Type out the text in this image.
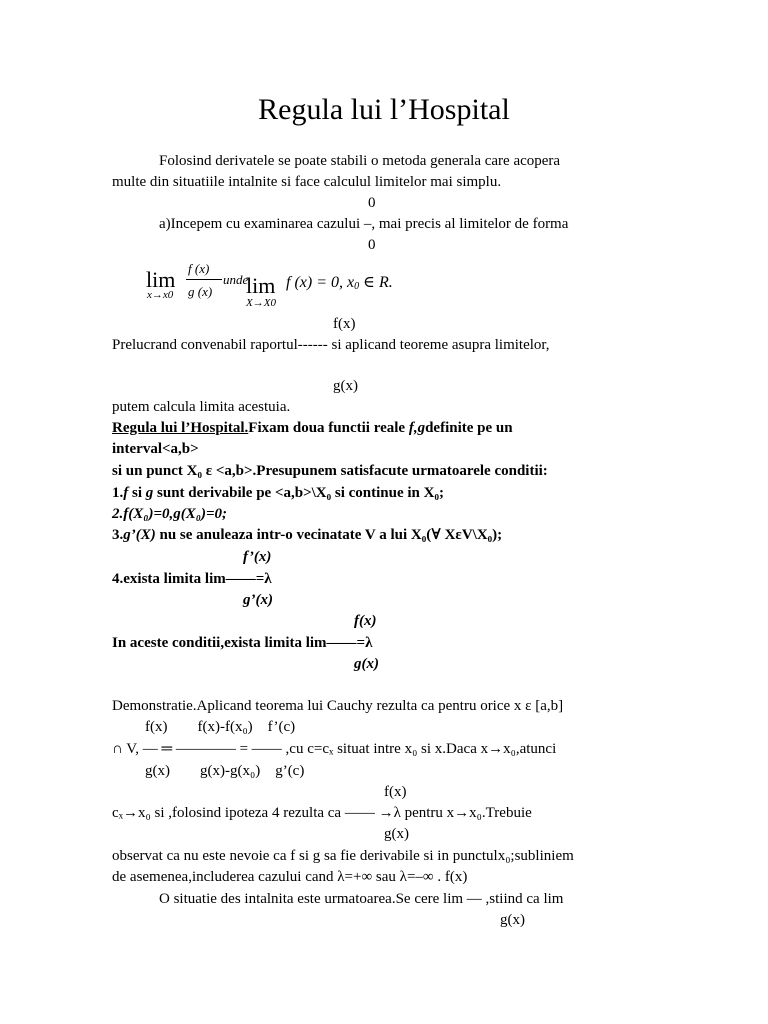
Regula lui l’Hospital
Folosind derivatele se poate stabili o metoda generala care acopera
multe din situatiile intalnite si face calculul limitelor mai simplu.
0
a)Incepem cu examinarea cazului –, mai precis al limitelor de forma
0
lim
x→x0
f (x)
g (x)
unde
lim
X→X0
f (x) = 0, $x_0$ ∈ R.
f(x)
Prelucrand convenabil raportul------ si aplicand teoreme asupra limitelor,
g(x)
putem calcula limita acestuia.
Regula lui l’Hospital.Fixam doua functii reale f,gdefinite pe un
interval<a,b>
si un punct X₀ ε <a,b>.Presupunem satisfacute urmatoarele conditii:
1.f si g sunt derivabile pe <a,b>\X₀ si continue in X₀;
2.f(X₀)=0,g(X₀)=0;
3.g’(X) nu se anuleaza intr-o vecinatate V a lui X₀(∀ XεV\X₀);
f’(x)
4.exista limita lim——=λ
g’(x)
f(x)
In aceste conditii,exista limita lim——=λ
g(x)
Demonstratie.Aplicand teorema lui Cauchy rezulta ca pentru orice x ε [a,b]
f(x)        f(x)-f(x₀)    f’(c)
∩ V, — ═ ———— = —— ,cu c=cₓ situat intre x₀ si x.Daca x→x₀,atunci
g(x)        g(x)-g(x₀)    g’(c)
f(x)
cₓ→x₀ si ,folosind ipoteza 4 rezulta ca —— →λ pentru x→x₀.Trebuie
g(x)
observat ca nu este nevoie ca f si g sa fie derivabile si in punctulx₀;subliniem
de asemenea,includerea cazului cand λ=+∞ sau λ=–∞ . f(x)
O situatie des intalnita este urmatoarea.Se cere lim — ,stiind ca lim
g(x)
